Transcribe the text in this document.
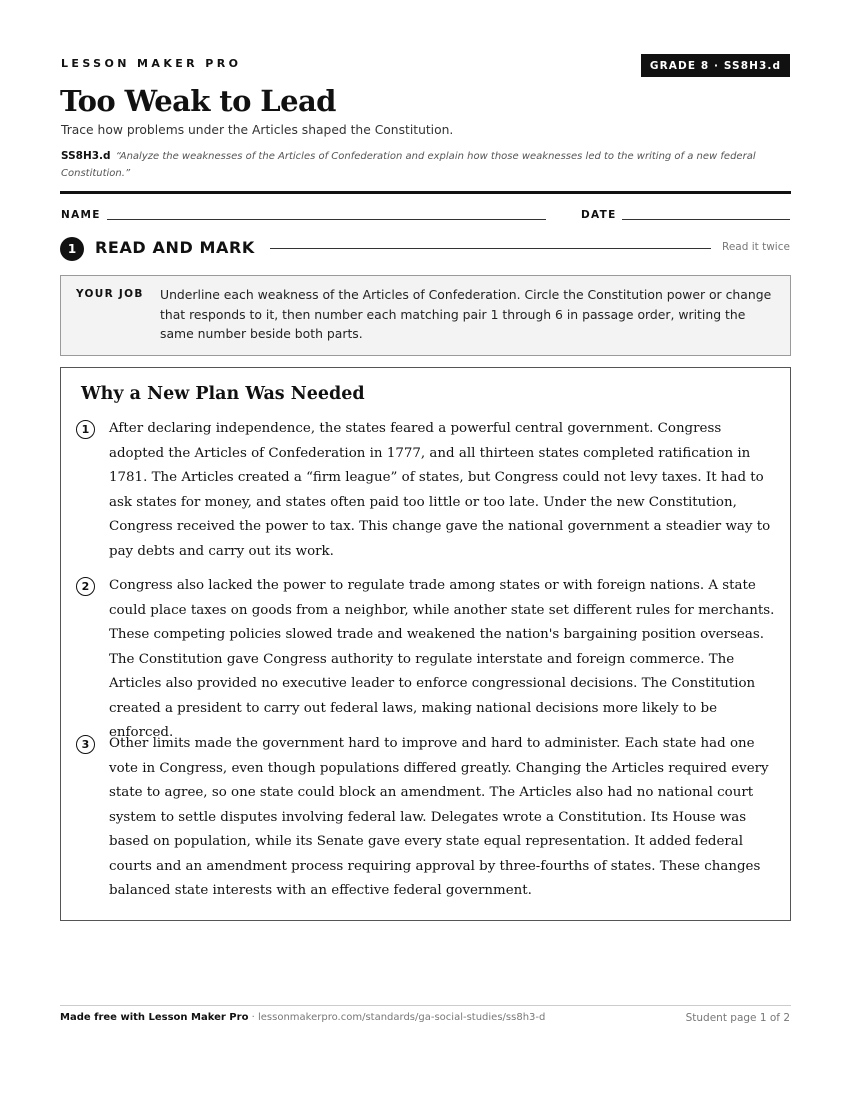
LESSON MAKER PRO	GRADE 8 · SS8H3.d
Too Weak to Lead
Trace how problems under the Articles shaped the Constitution.
SS8H3.d “Analyze the weaknesses of the Articles of Confederation and explain how those weaknesses led to the writing of a new federal Constitution.”
NAME	DATE
1	READ AND MARK	Read it twice
YOUR JOB Underline each weakness of the Articles of Confederation. Circle the Constitution power or change that responds to it, then number each matching pair 1 through 6 in passage order, writing the same number beside both parts.
Why a New Plan Was Needed
1	After declaring independence, the states feared a powerful central government. Congress adopted the Articles of Confederation in 1777, and all thirteen states completed ratification in 1781. The Articles created a “firm league” of states, but Congress could not levy taxes. It had to ask states for money, and states often paid too little or too late. Under the new Constitution, Congress received the power to tax. This change gave the national government a steadier way to pay debts and carry out its work.

2	Congress also lacked the power to regulate trade among states or with foreign nations. A state could place taxes on goods from a neighbor, while another state set different rules for merchants. These competing policies slowed trade and weakened the nation's bargaining position overseas. The Constitution gave Congress authority to regulate interstate and foreign commerce. The Articles also provided no executive leader to enforce congressional decisions. The Constitution created a president to carry out federal laws, making national decisions more likely to be enforced.

3	Other limits made the government hard to improve and hard to administer. Each state had one vote in Congress, even though populations differed greatly. Changing the Articles required every state to agree, so one state could block an amendment. The Articles also had no national court system to settle disputes involving federal law. Delegates wrote a Constitution. Its House was based on population, while its Senate gave every state equal representation. It added federal courts and an amendment process requiring approval by three-fourths of states. These changes balanced state interests with an effective federal government.

Made free with Lesson Maker Pro · lessonmakerpro.com/standards/ga-social-studies/ss8h3-d	Student page 1 of 2
